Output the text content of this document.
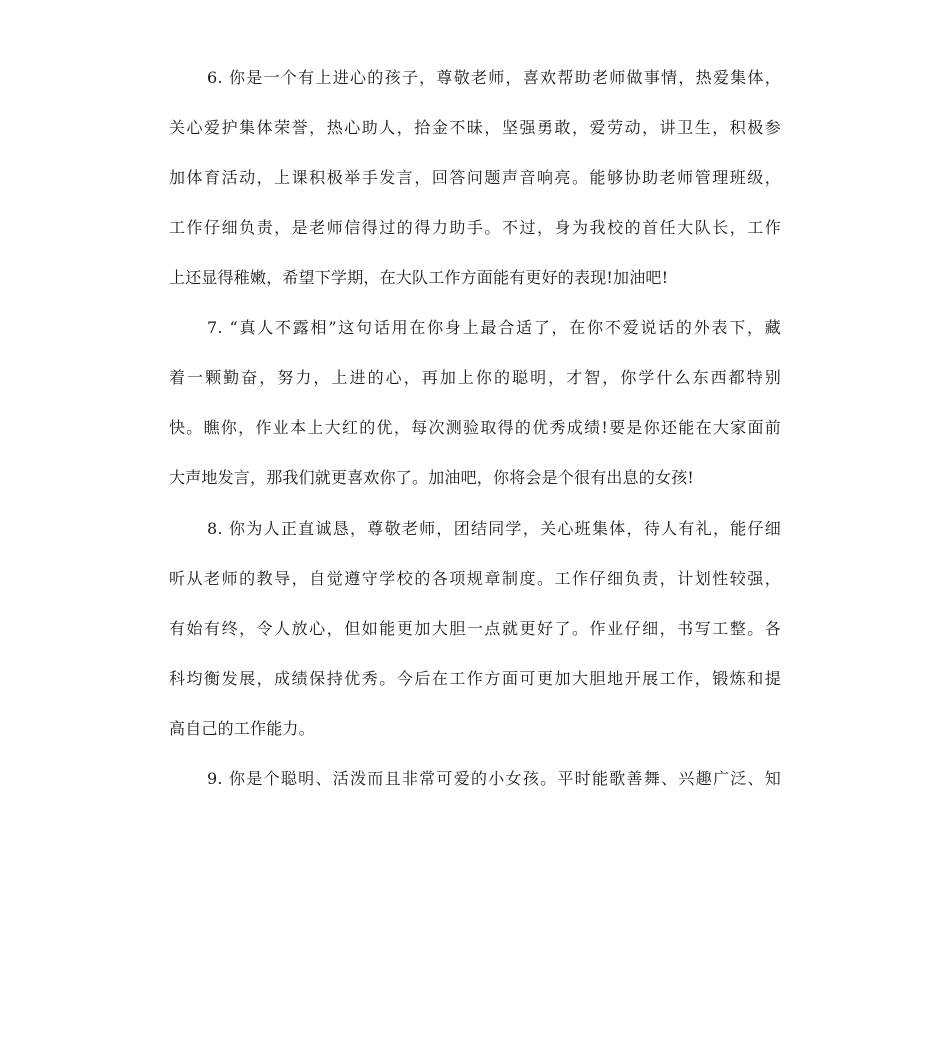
6. 你是一个有上进心的孩子，尊敬老师，喜欢帮助老师做事情，热爱集体，
关心爱护集体荣誉，热心助人，拾金不昧，坚强勇敢，爱劳动，讲卫生，积极参
加体育活动，上课积极举手发言，回答问题声音响亮。能够协助老师管理班级，
工作仔细负责，是老师信得过的得力助手。不过，身为我校的首任大队长，工作
上还显得稚嫩，希望下学期，在大队工作方面能有更好的表现!加油吧!
7. “真人不露相”这句话用在你身上最合适了，在你不爱说话的外表下，藏
着一颗勤奋，努力，上进的心，再加上你的聪明，才智，你学什么东西都特别
快。瞧你，作业本上大红的优，每次测验取得的优秀成绩!要是你还能在大家面前
大声地发言，那我们就更喜欢你了。加油吧，你将会是个很有出息的女孩!
8. 你为人正直诚恳，尊敬老师，团结同学，关心班集体，待人有礼，能仔细
听从老师的教导，自觉遵守学校的各项规章制度。工作仔细负责，计划性较强，
有始有终，令人放心，但如能更加大胆一点就更好了。作业仔细，书写工整。各
科均衡发展，成绩保持优秀。今后在工作方面可更加大胆地开展工作，锻炼和提
高自己的工作能力。
9. 你是个聪明、活泼而且非常可爱的小女孩。平时能歌善舞、兴趣广泛、知
